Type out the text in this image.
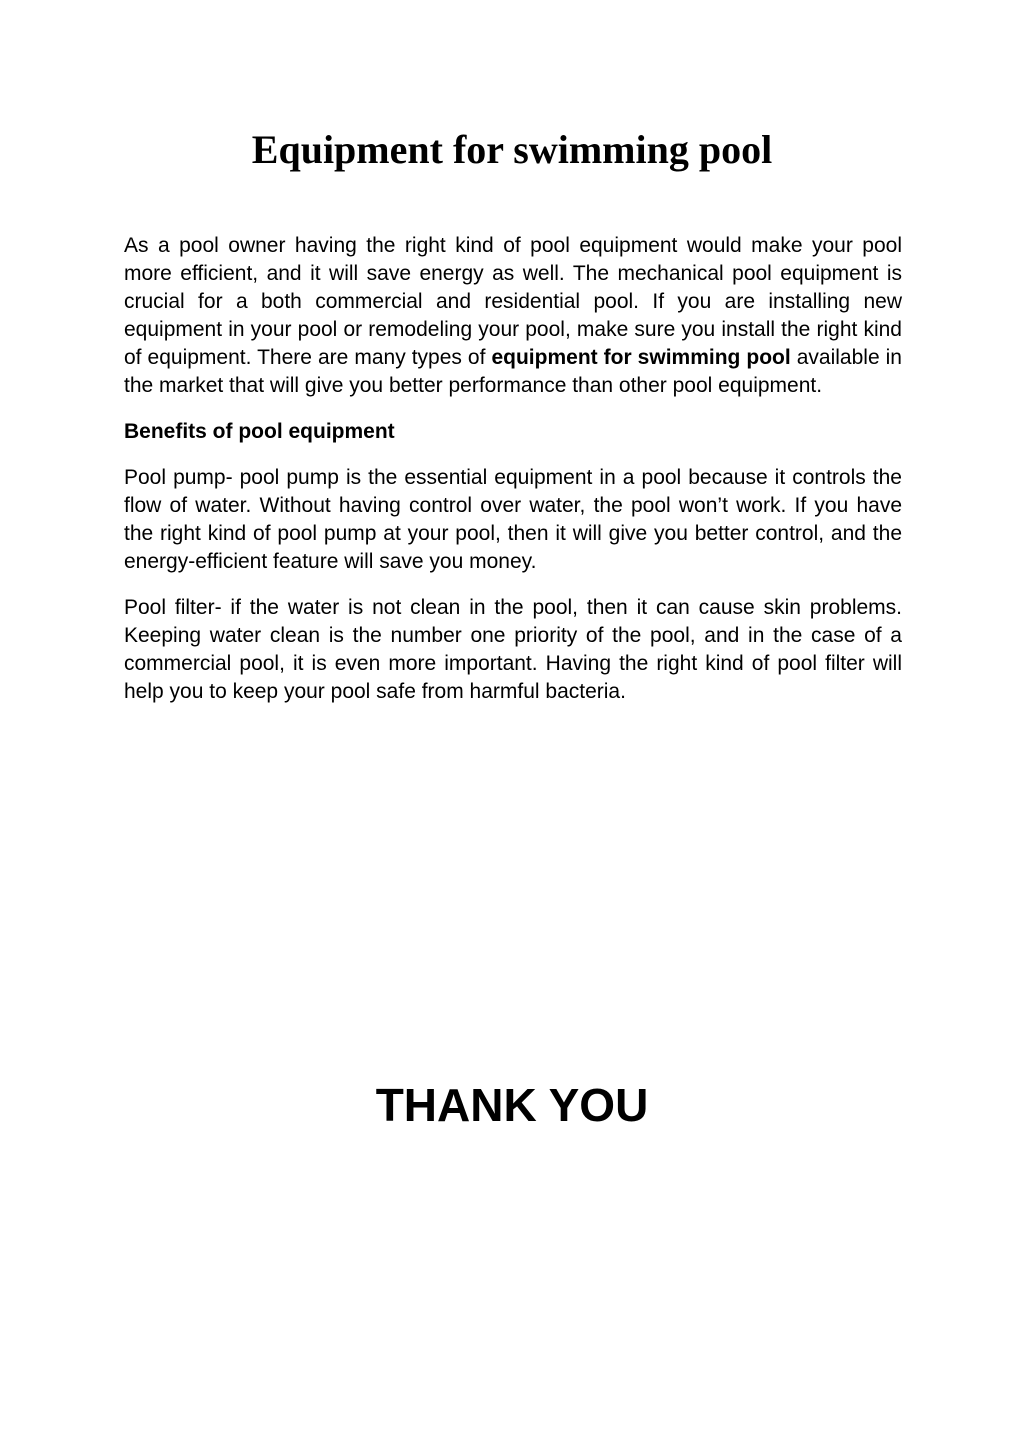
Equipment for swimming pool

As a pool owner having the right kind of pool equipment would make your pool more efficient, and it will save energy as well. The mechanical pool equipment is crucial for a both commercial and residential pool. If you are installing new equipment in your pool or remodeling your pool, make sure you install the right kind of equipment. There are many types of equipment for swimming pool available in the market that will give you better performance than other pool equipment.

Benefits of pool equipment

Pool pump- pool pump is the essential equipment in a pool because it controls the flow of water. Without having control over water, the pool won’t work. If you have the right kind of pool pump at your pool, then it will give you better control, and the energy-efficient feature will save you money.

Pool filter- if the water is not clean in the pool, then it can cause skin problems. Keeping water clean is the number one priority of the pool, and in the case of a commercial pool, it is even more important. Having the right kind of pool filter will help you to keep your pool safe from harmful bacteria.

THANK YOU
